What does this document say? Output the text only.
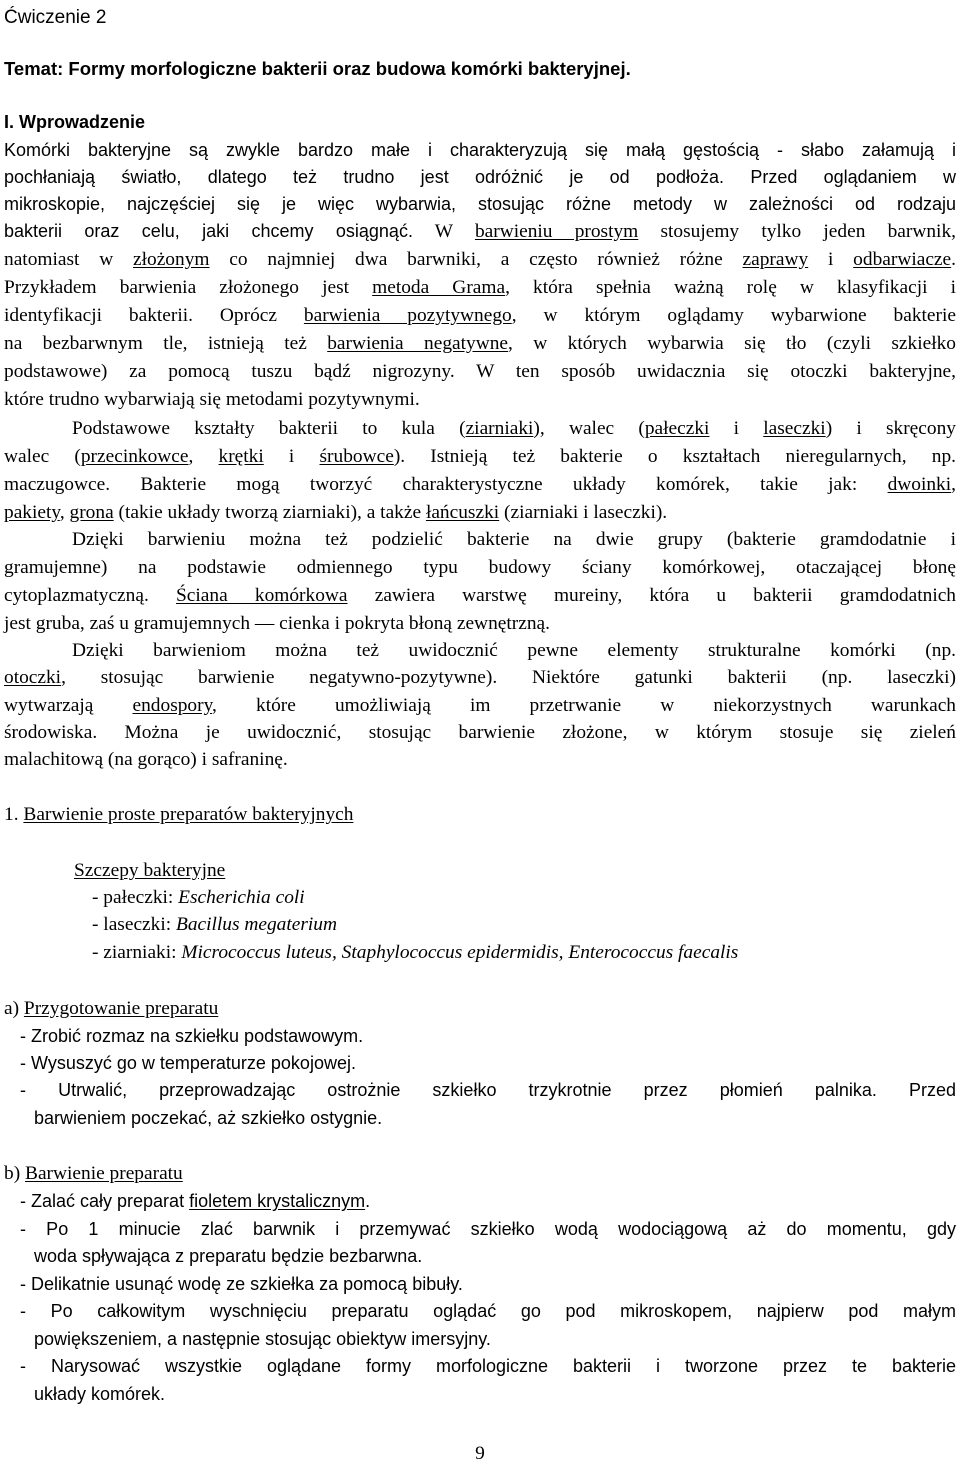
Ćwiczenie 2
Temat: Formy morfologiczne bakterii oraz budowa komórki bakteryjnej.
I. Wprowadzenie
Komórki bakteryjne są zwykle bardzo małe i charakteryzują się małą gęstością - słabo załamują i
pochłaniają światło, dlatego też trudno jest odróżnić je od podłoża. Przed oglądaniem w
mikroskopie, najczęściej się je więc wybarwia, stosując różne metody w zależności od rodzaju
bakterii oraz celu, jaki chcemy osiągnąć. W barwieniu prostym stosujemy tylko jeden barwnik,
natomiast w złożonym co najmniej dwa barwniki, a często również różne zaprawy i odbarwiacze.
Przykładem barwienia złożonego jest metoda Grama, która spełnia ważną rolę w klasyfikacji i
identyfikacji bakterii. Oprócz barwienia pozytywnego, w którym oglądamy wybarwione bakterie
na bezbarwnym tle, istnieją też barwienia negatywne, w których wybarwia się tło (czyli szkiełko
podstawowe) za pomocą tuszu bądź nigrozyny. W ten sposób uwidacznia się otoczki bakteryjne,
które trudno wybarwiają się metodami pozytywnymi.
Podstawowe kształty bakterii to kula (ziarniaki), walec (pałeczki i laseczki) i skręcony
walec (przecinkowce, krętki i śrubowce). Istnieją też bakterie o kształtach nieregularnych, np.
maczugowce. Bakterie mogą tworzyć charakterystyczne układy komórek, takie jak: dwoinki,
pakiety, grona (takie układy tworzą ziarniaki), a także łańcuszki (ziarniaki i laseczki).
Dzięki barwieniu można też podzielić bakterie na dwie grupy (bakterie gramdodatnie i
gramujemne) na podstawie odmiennego typu budowy ściany komórkowej, otaczającej błonę
cytoplazmatyczną. Ściana komórkowa zawiera warstwę mureiny, która u bakterii gramdodatnich
jest gruba, zaś u gramujemnych — cienka i pokryta błoną zewnętrzną.
Dzięki barwieniom można też uwidocznić pewne elementy strukturalne komórki (np.
otoczki, stosując barwienie negatywno-pozytywne). Niektóre gatunki bakterii (np. laseczki)
wytwarzają endospory, które umożliwiają im przetrwanie w niekorzystnych warunkach
środowiska. Można je uwidocznić, stosując barwienie złożone, w którym stosuje się zieleń
malachitową (na gorąco) i safraninę.
1. Barwienie proste preparatów bakteryjnych
Szczepy bakteryjne
- pałeczki: Escherichia coli
- laseczki: Bacillus megaterium
- ziarniaki: Micrococcus luteus, Staphylococcus epidermidis, Enterococcus faecalis
a) Przygotowanie preparatu
- Zrobić rozmaz na szkiełku podstawowym.
- Wysuszyć go w temperaturze pokojowej.
- Utrwalić, przeprowadzając ostrożnie szkiełko trzykrotnie przez płomień palnika. Przed
barwieniem poczekać, aż szkiełko ostygnie.
b) Barwienie preparatu
- Zalać cały preparat fioletem krystalicznym.
- Po 1 minucie zlać barwnik i przemywać szkiełko wodą wodociągową aż do momentu, gdy
woda spływająca z preparatu będzie bezbarwna.
- Delikatnie usunąć wodę ze szkiełka za pomocą bibuły.
- Po całkowitym wyschnięciu preparatu oglądać go pod mikroskopem, najpierw pod małym
powiększeniem, a następnie stosując obiektyw imersyjny.
- Narysować wszystkie oglądane formy morfologiczne bakterii i tworzone przez te bakterie
układy komórek.
9
